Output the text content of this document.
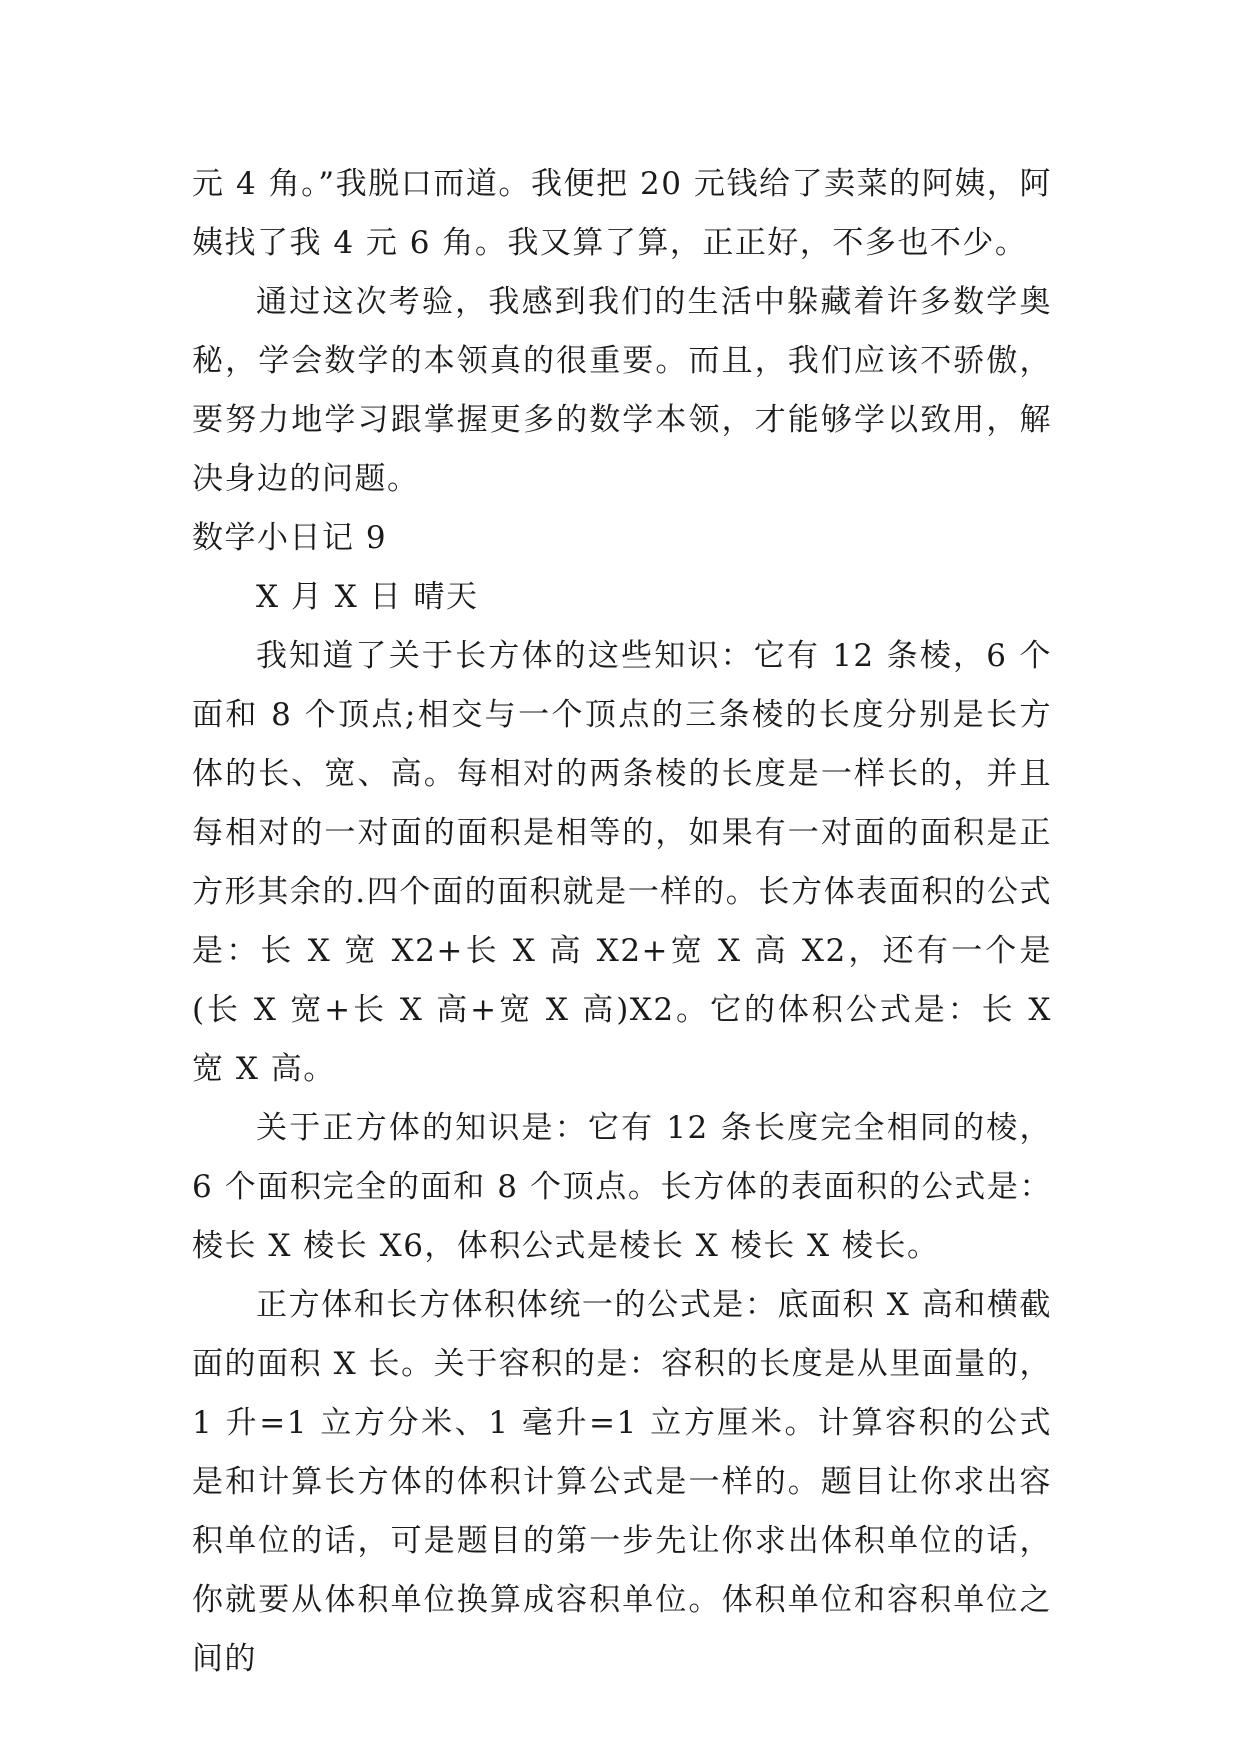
元 4 角。”我脱口而道。我便把 20 元钱给了卖菜的阿姨，阿姨找了我 4 元 6 角。我又算了算，正正好，不多也不少。

通过这次考验，我感到我们的生活中躲藏着许多数学奥秘，学会数学的本领真的很重要。而且，我们应该不骄傲，要努力地学习跟掌握更多的数学本领，才能够学以致用，解决身边的问题。

数学小日记 9

X 月 X 日 晴天

我知道了关于长方体的这些知识：它有 12 条棱，6 个面和 8 个顶点;相交与一个顶点的三条棱的长度分别是长方体的长、宽、高。每相对的两条棱的长度是一样长的，并且每相对的一对面的面积是相等的，如果有一对面的面积是正方形其余的.四个面的面积就是一样的。长方体表面积的公式是：长 X 宽 X2+长 X 高 X2+宽 X 高 X2，还有一个是(长 X 宽+长 X 高+宽 X 高)X2。它的体积公式是：长 X 宽 X 高。

关于正方体的知识是：它有 12 条长度完全相同的棱，6 个面积完全的面和 8 个顶点。长方体的表面积的公式是：棱长 X 棱长 X6，体积公式是棱长 X 棱长 X 棱长。

正方体和长方体积体统一的公式是：底面积 X 高和横截面的面积 X 长。关于容积的是：容积的长度是从里面量的，1 升=1 立方分米、1 毫升=1 立方厘米。计算容积的公式是和计算长方体的体积计算公式是一样的。题目让你求出容积单位的话，可是题目的第一步先让你求出体积单位的话，你就要从体积单位换算成容积单位。体积单位和容积单位之间的
